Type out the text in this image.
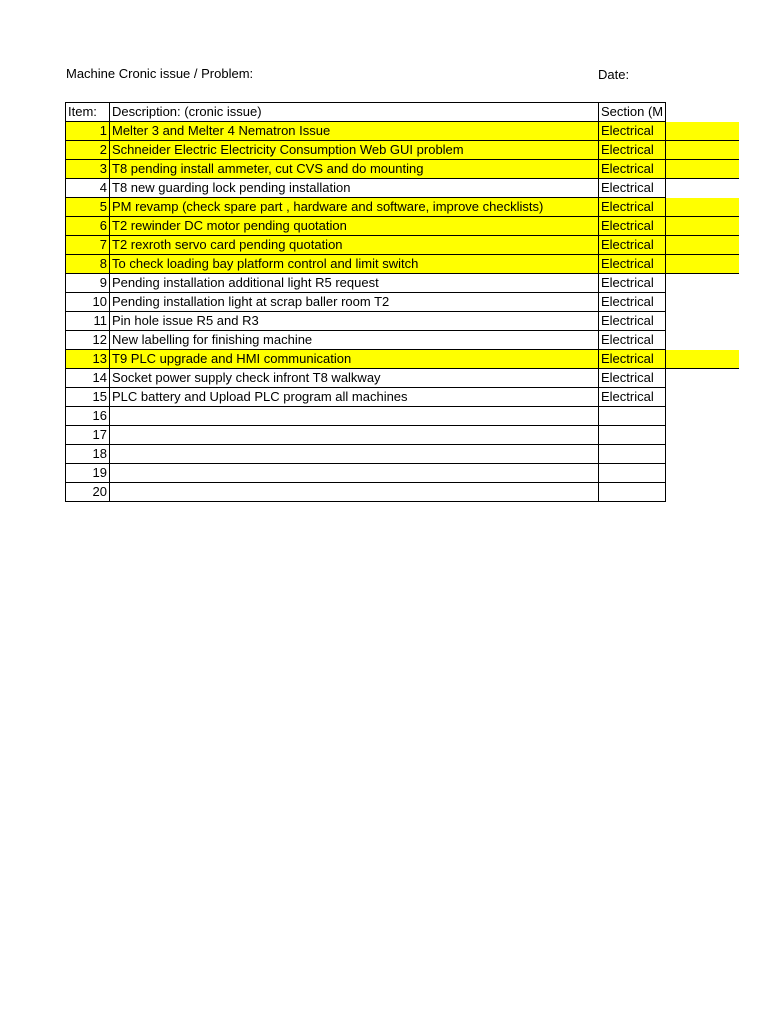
Machine Cronic issue / Problem:	Date:
Item:	Description: (cronic issue)	Section (M	
1	Melter 3 and Melter 4 Nematron Issue	Electrical	
2	Schneider Electric Electricity Consumption Web GUI problem	Electrical	
3	T8 pending install ammeter, cut CVS and do mounting	Electrical	
4	T8 new guarding lock pending installation	Electrical	
5	PM revamp (check spare part , hardware and software, improve checklists)	Electrical	
6	T2 rewinder DC motor pending quotation	Electrical	
7	T2 rexroth servo card pending quotation	Electrical	
8	To check loading bay platform control and limit switch	Electrical	
9	Pending installation additional light R5 request	Electrical	
10	Pending installation light at scrap baller room T2	Electrical	
11	Pin hole issue R5 and R3	Electrical	
12	New labelling for finishing machine	Electrical	
13	T9 PLC upgrade and HMI communication	Electrical	
14	Socket power supply check infront T8 walkway	Electrical	
15	PLC battery and Upload PLC program all machines	Electrical	
16			
17			
18			
19			
20			
